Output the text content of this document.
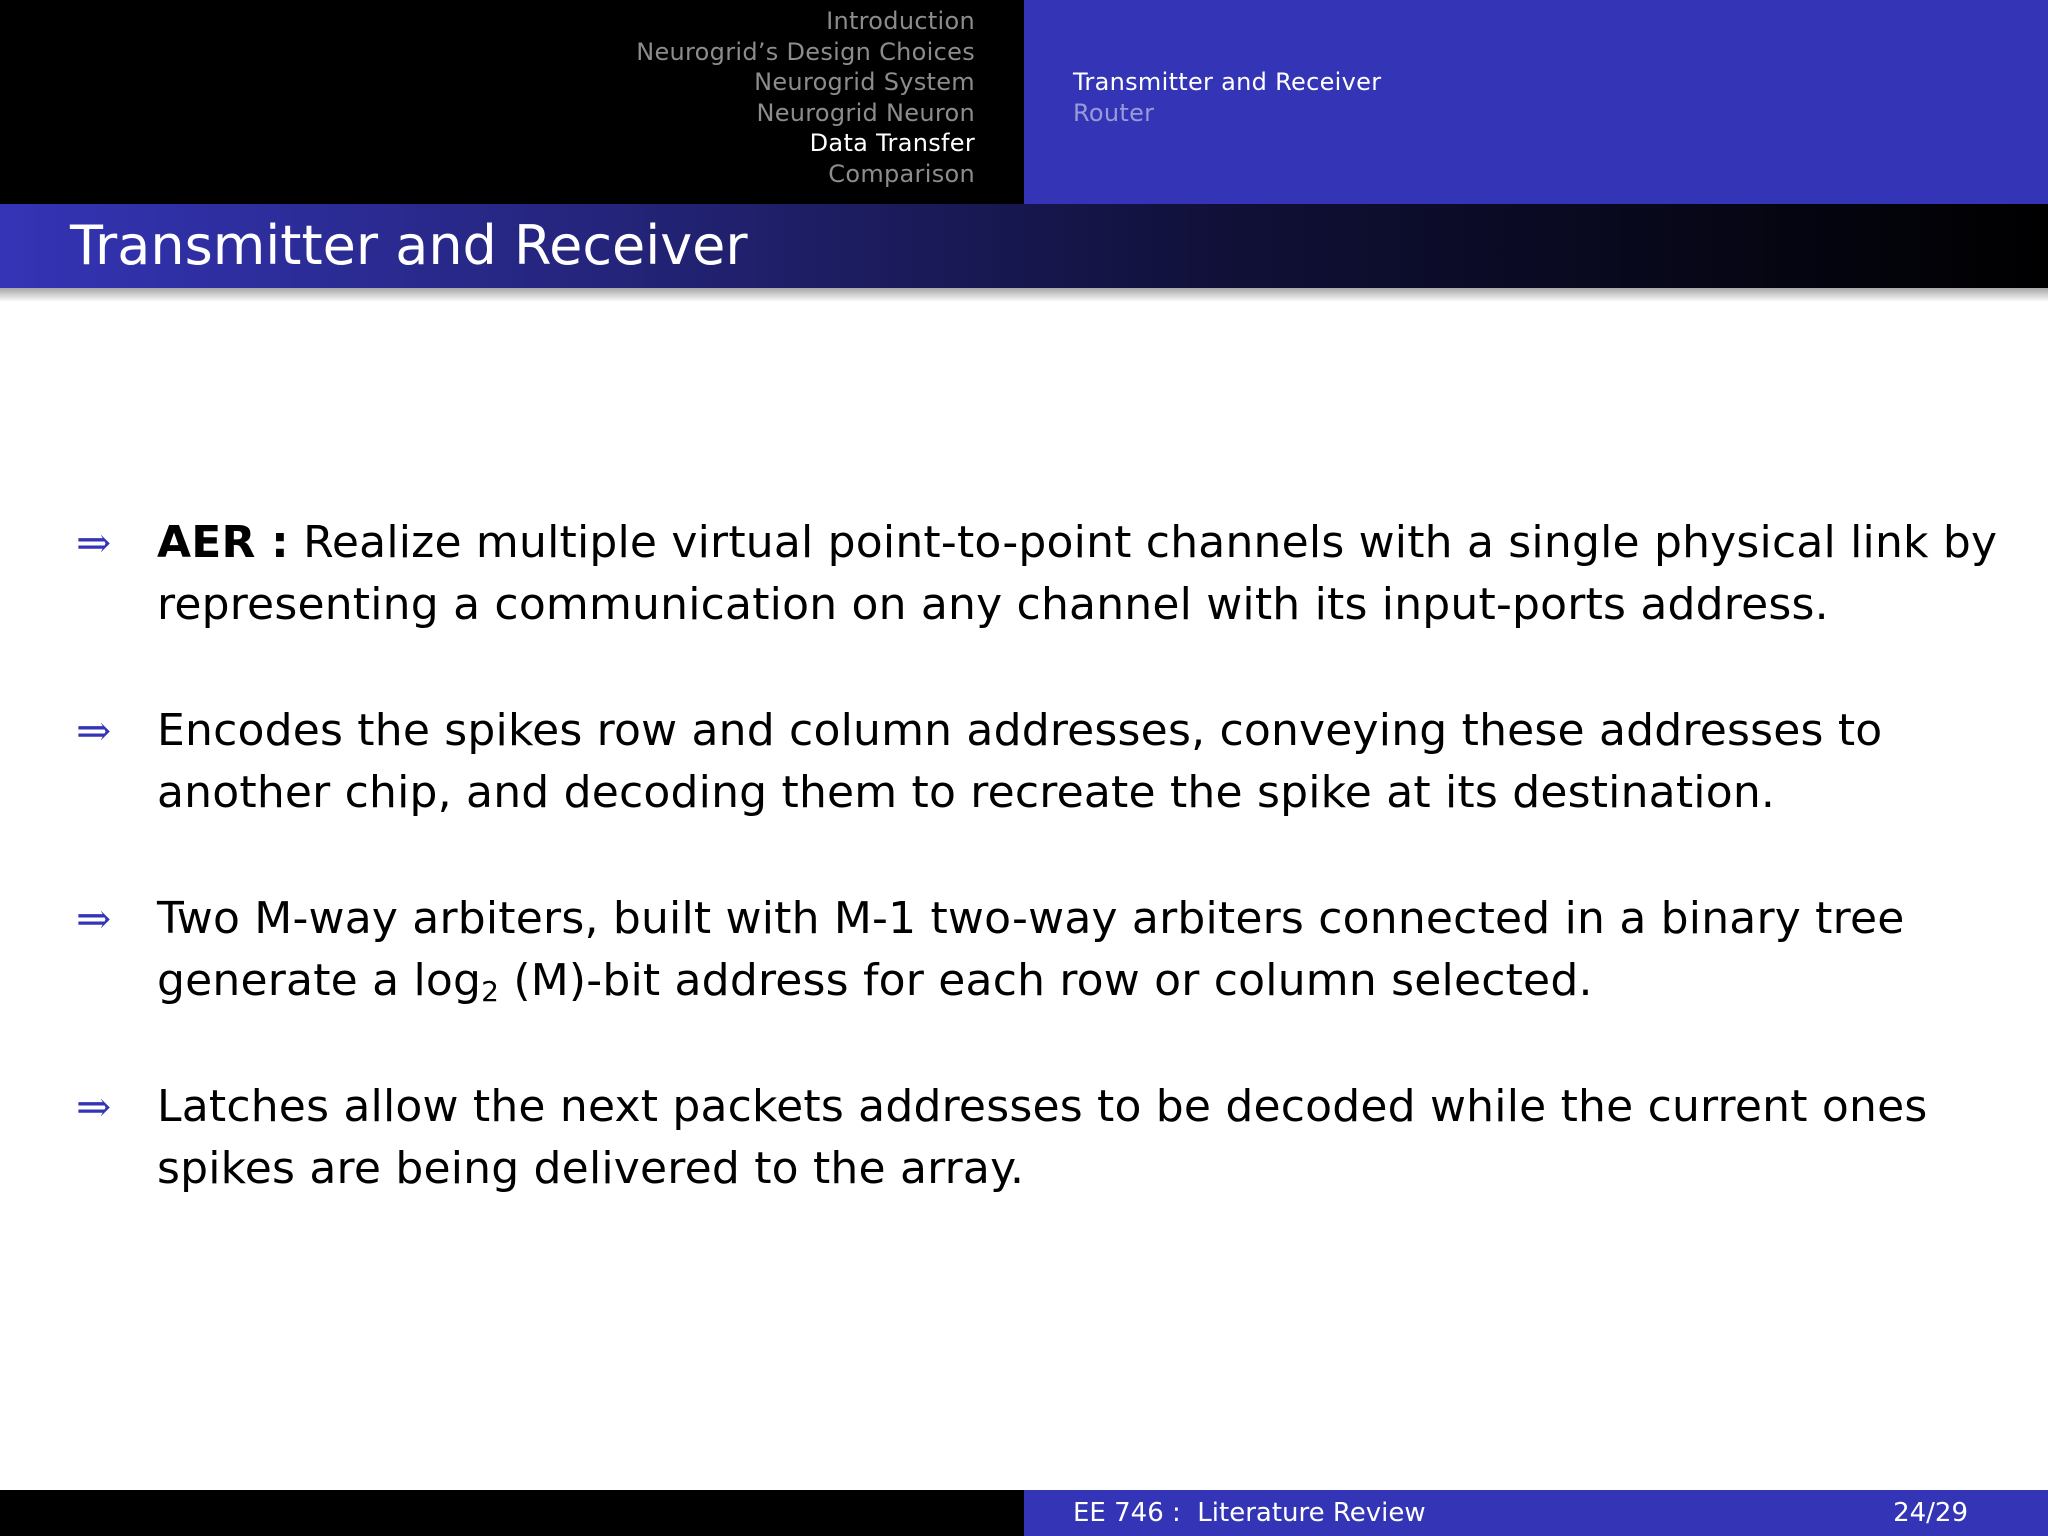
Introduction
Neurogrid’s Design Choices
Neurogrid System
Neurogrid Neuron
Data Transfer
Comparison
Transmitter and Receiver
Router
Transmitter and Receiver
⇒ AER : Realize multiple virtual point-to-point channels with a single physical link by representing a communication on any channel with its input-ports address.
⇒ Encodes the spikes row and column addresses, conveying these addresses to another chip, and decoding them to recreate the spike at its destination.
⇒ Two M-way arbiters, built with M-1 two-way arbiters connected in a binary tree generate a $\log_2 (M)-bit$ address for each row or column selected.
⇒ Latches allow the next packets addresses to be decoded while the current ones spikes are being delivered to the array.
EE 746 :  Literature Review	24/29
